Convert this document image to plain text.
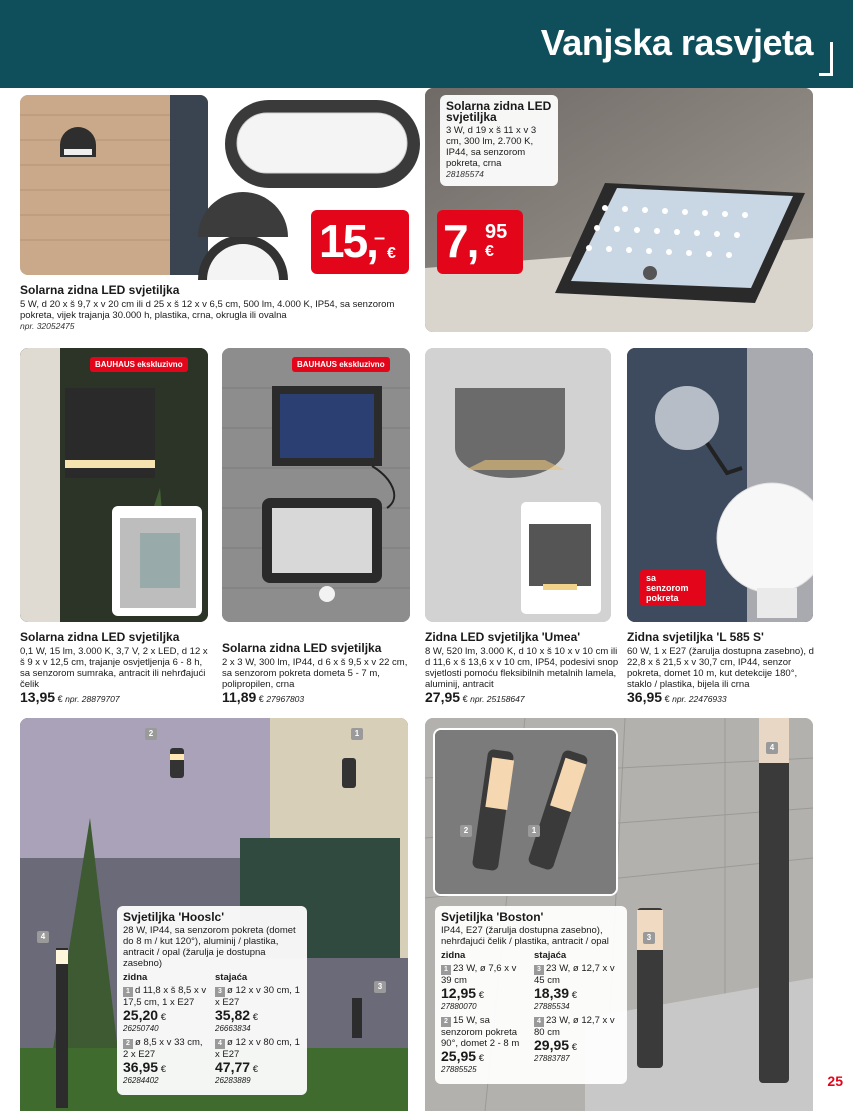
Vanjska rasvjeta
15,
–
€
Solarna zidna LED svjetiljka
5 W, d 20 x š 9,7 x v 20 cm ili d 25 x š 12 x v 6,5 cm, 500 lm, 4.000 K, IP54, sa senzorom pokreta, vijek trajanja 30.000 h, plastika, crna, okrugla ili ovalna
npr. 32052475
Solarna zidna LED svjetiljka
3 W, d 19 x š 11 x v 3 cm, 300 lm, 2.700 K, IP44, sa senzorom pokreta, crna
28185574
7, 95
€
BAUHAUS ekskluzivno
Solarna zidna LED svjetiljka
0,1 W, 15 lm, 3.000 K, 3,7 V, 2 x LED, d 12 x š 9 x v 12,5 cm, trajanje osvjetljenja 6 - 8 h, sa senzorom sumraka, antracit ili nehrđajući čelik
13,95 € npr. 28879707
BAUHAUS ekskluzivno
Solarna zidna LED svjetiljka
2 x 3 W, 300 lm, IP44, d 6 x š 9,5 x v 22 cm, sa senzorom pokreta dometa 5 - 7 m, polipropilen, crna
11,89 € 27967803
Zidna LED svjetiljka 'Umea'
8 W, 520 lm, 3.000 K, d 10 x š 10 x v 10 cm ili d 11,6 x š 13,6 x v 10 cm, IP54, podesivi snop svjetlosti pomoću fleksibilnih metalnih lamela, aluminij, antracit
27,95 € npr. 25158647
sa senzorom pokreta
Zidna svjetiljka 'L 585 S'
60 W, 1 x E27 (žarulja dostupna zasebno), d 22,8 x š 21,5 x v 30,7 cm, IP44, senzor pokreta, domet 10 m, kut detekcije 180°, staklo / plastika, bijela ili crna
36,95 € npr. 22476933
2	1
4
3
Svjetiljka 'Hooslc'
28 W, IP44, sa senzorom pokreta (domet do 8 m / kut 120°), aluminij / plastika, antracit / opal (žarulja je dostupna zasebno)
zidna
1 d 11,8 x š 8,5 x v 17,5 cm, 1 x E27
25,20 €
26250740
2 ø 8,5 x v 33 cm, 2 x E27
36,95 €
26284402
stajaća
3 ø 12 x v 30 cm, 1 x E27
35,82 €
26663834
4 ø 12 x v 80 cm, 1 x E27
47,77 €
26283889
2	1
4
3
Svjetiljka 'Boston'
IP44, E27 (žarulja dostupna zasebno), nehrđajući čelik / plastika, antracit / opal
zidna
1 23 W, ø 7,6 x v 39 cm
12,95 €
27880070
2 15 W, sa senzorom pokreta 90°, domet 2 - 8 m
25,95 €
27885525
stajaća
3 23 W, ø 12,7 x v 45 cm
18,39 €
27885534
4 23 W, ø 12,7 x v 80 cm
29,95 €
27883787
25
